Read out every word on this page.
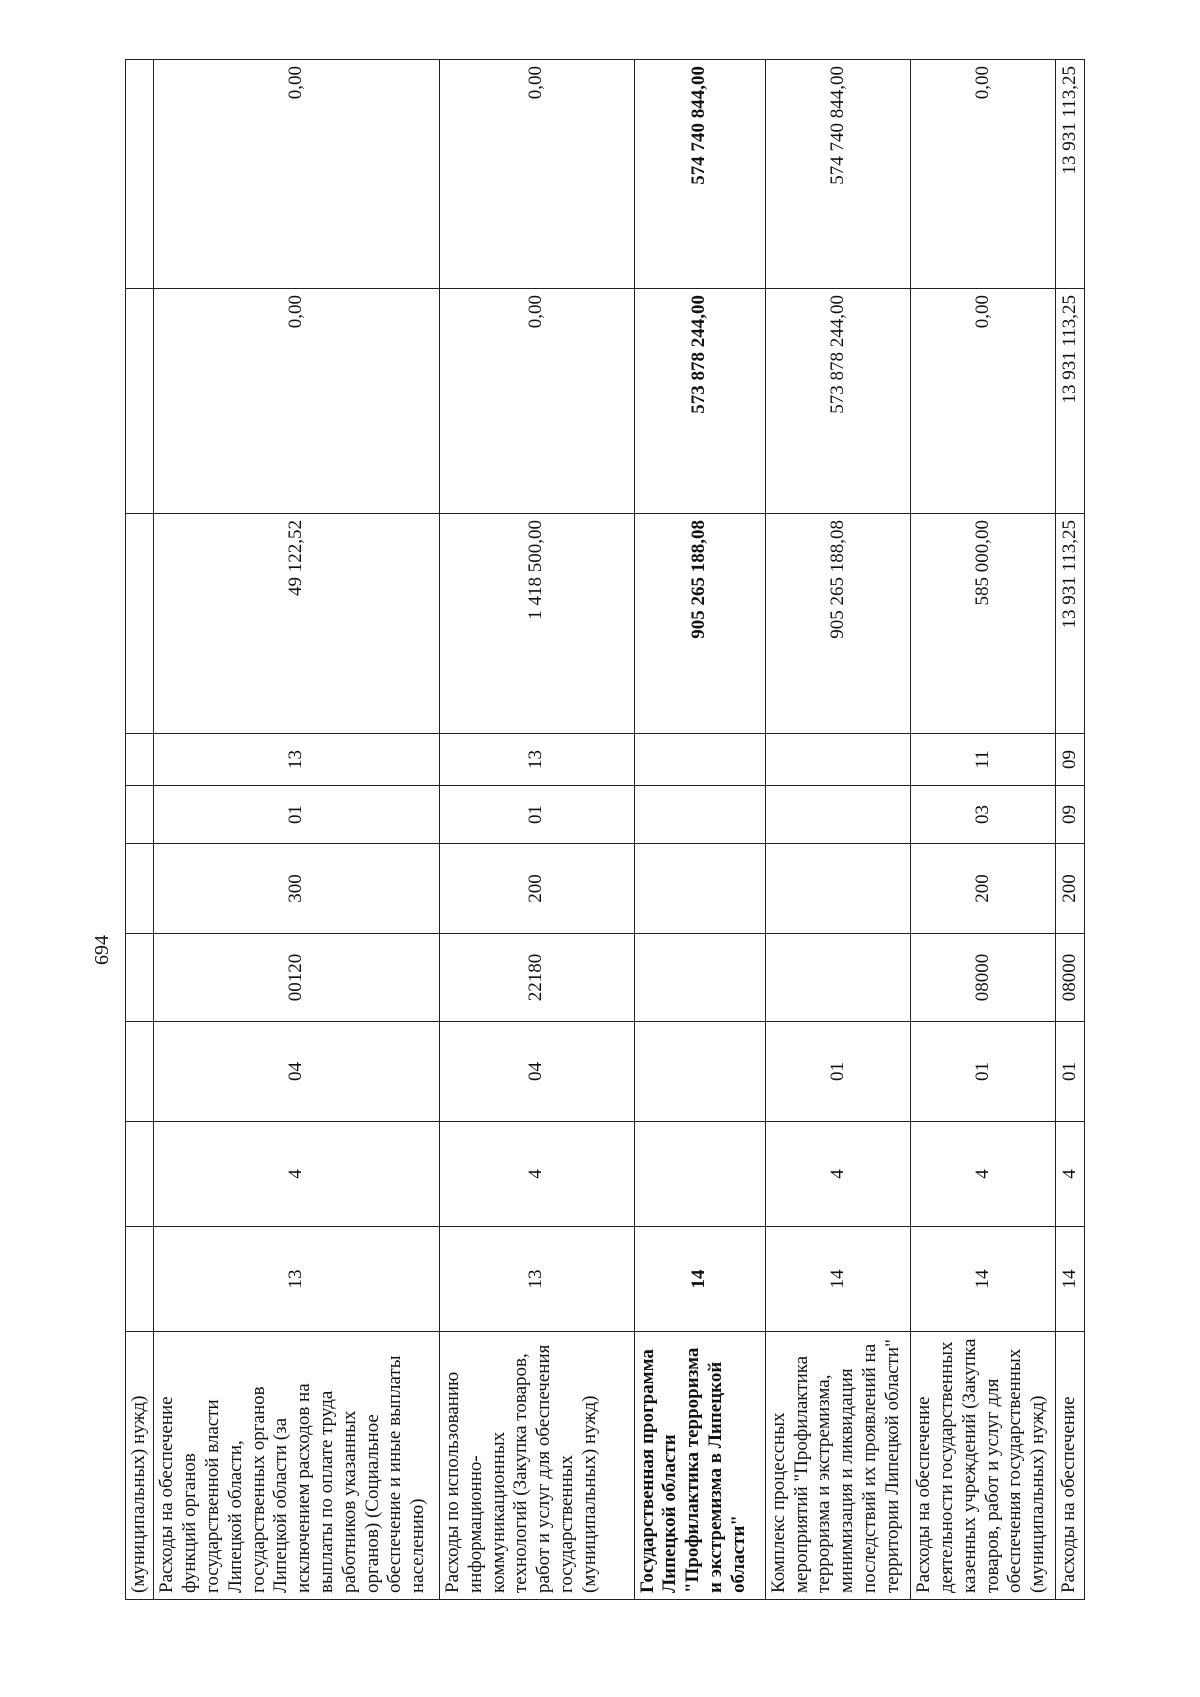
694
(муниципальных) нужд)										
Расходы на обеспечение функций органов государственной власти Липецкой области, государственных органов Липецкой области (за исключением расходов на выплаты по оплате труда работников указанных органов) (Социальное обеспечение и иные выплаты населению)	13	4	04	00120	300	01	13	49 122,52	0,00	0,00
Расходы по использованию информационно-коммуникационных технологий (Закупка товаров, работ и услуг для обеспечения государственных (муниципальных) нужд)	13	4	04	22180	200	01	13	1 418 500,00	0,00	0,00
Государственная программа Липецкой области "Профилактика терроризма и экстремизма в Липецкой области"	14							905 265 188,08	573 878 244,00	574 740 844,00
Комплекс процессных мероприятий "Профилактика терроризма и экстремизма, минимизация и ликвидация последствий их проявлений на территории Липецкой области"	14	4	01					905 265 188,08	573 878 244,00	574 740 844,00
Расходы на обеспечение деятельности государственных казенных учреждений (Закупка товаров, работ и услуг для обеспечения государственных (муниципальных) нужд)	14	4	01	08000	200	03	11	585 000,00	0,00	0,00
Расходы на обеспечение	14	4	01	08000	200	09	09	13 931 113,25	13 931 113,25	13 931 113,25
